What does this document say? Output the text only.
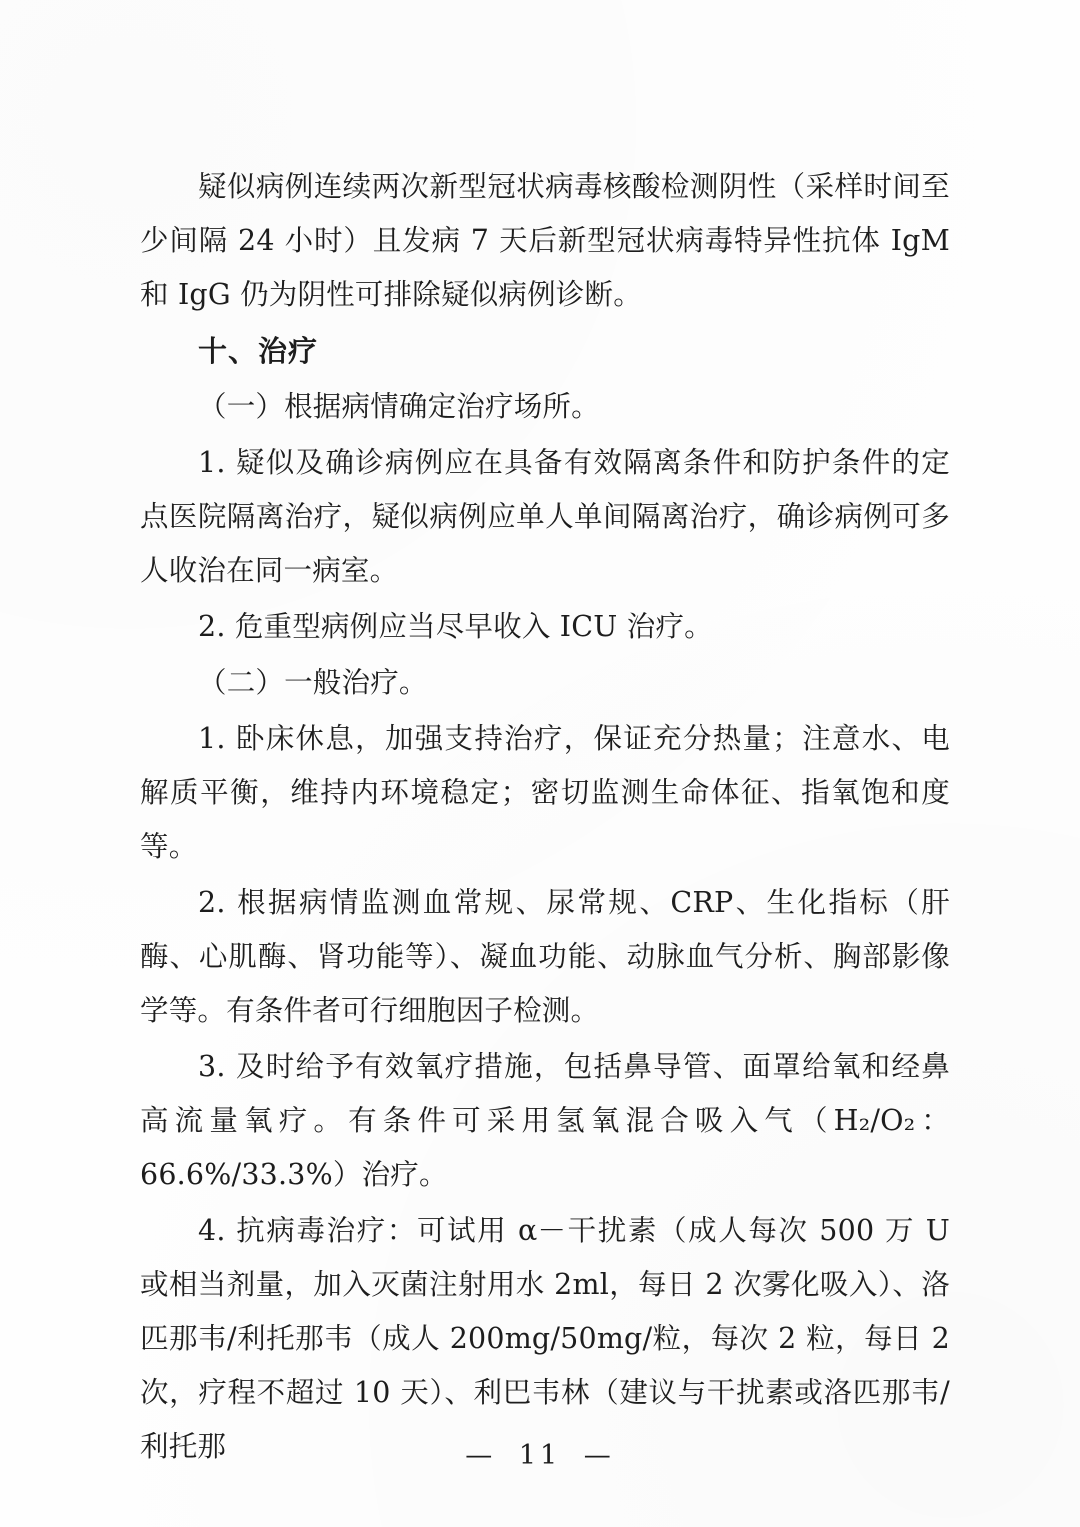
疑似病例连续两次新型冠状病毒核酸检测阴性（采样时间至少间隔 24 小时）且发病 7 天后新型冠状病毒特异性抗体 IgM 和 IgG 仍为阴性可排除疑似病例诊断。

十、治疗

（一）根据病情确定治疗场所。

1. 疑似及确诊病例应在具备有效隔离条件和防护条件的定点医院隔离治疗，疑似病例应单人单间隔离治疗，确诊病例可多人收治在同一病室。

2. 危重型病例应当尽早收入 ICU 治疗。

（二）一般治疗。

1. 卧床休息，加强支持治疗，保证充分热量；注意水、电解质平衡，维持内环境稳定；密切监测生命体征、指氧饱和度等。

2. 根据病情监测血常规、尿常规、CRP、生化指标（肝酶、心肌酶、肾功能等）、凝血功能、动脉血气分析、胸部影像学等。有条件者可行细胞因子检测。

3. 及时给予有效氧疗措施，包括鼻导管、面罩给氧和经鼻高流量氧疗。有条件可采用氢氧混合吸入气（H₂/O₂：66.6%/33.3%）治疗。

4. 抗病毒治疗：可试用 α－干扰素（成人每次 500 万 U 或相当剂量，加入灭菌注射用水 2ml，每日 2 次雾化吸入）、洛匹那韦/利托那韦（成人 200mg/50mg/粒，每次 2 粒，每日 2 次，疗程不超过 10 天）、利巴韦林（建议与干扰素或洛匹那韦/利托那	— 11 —
